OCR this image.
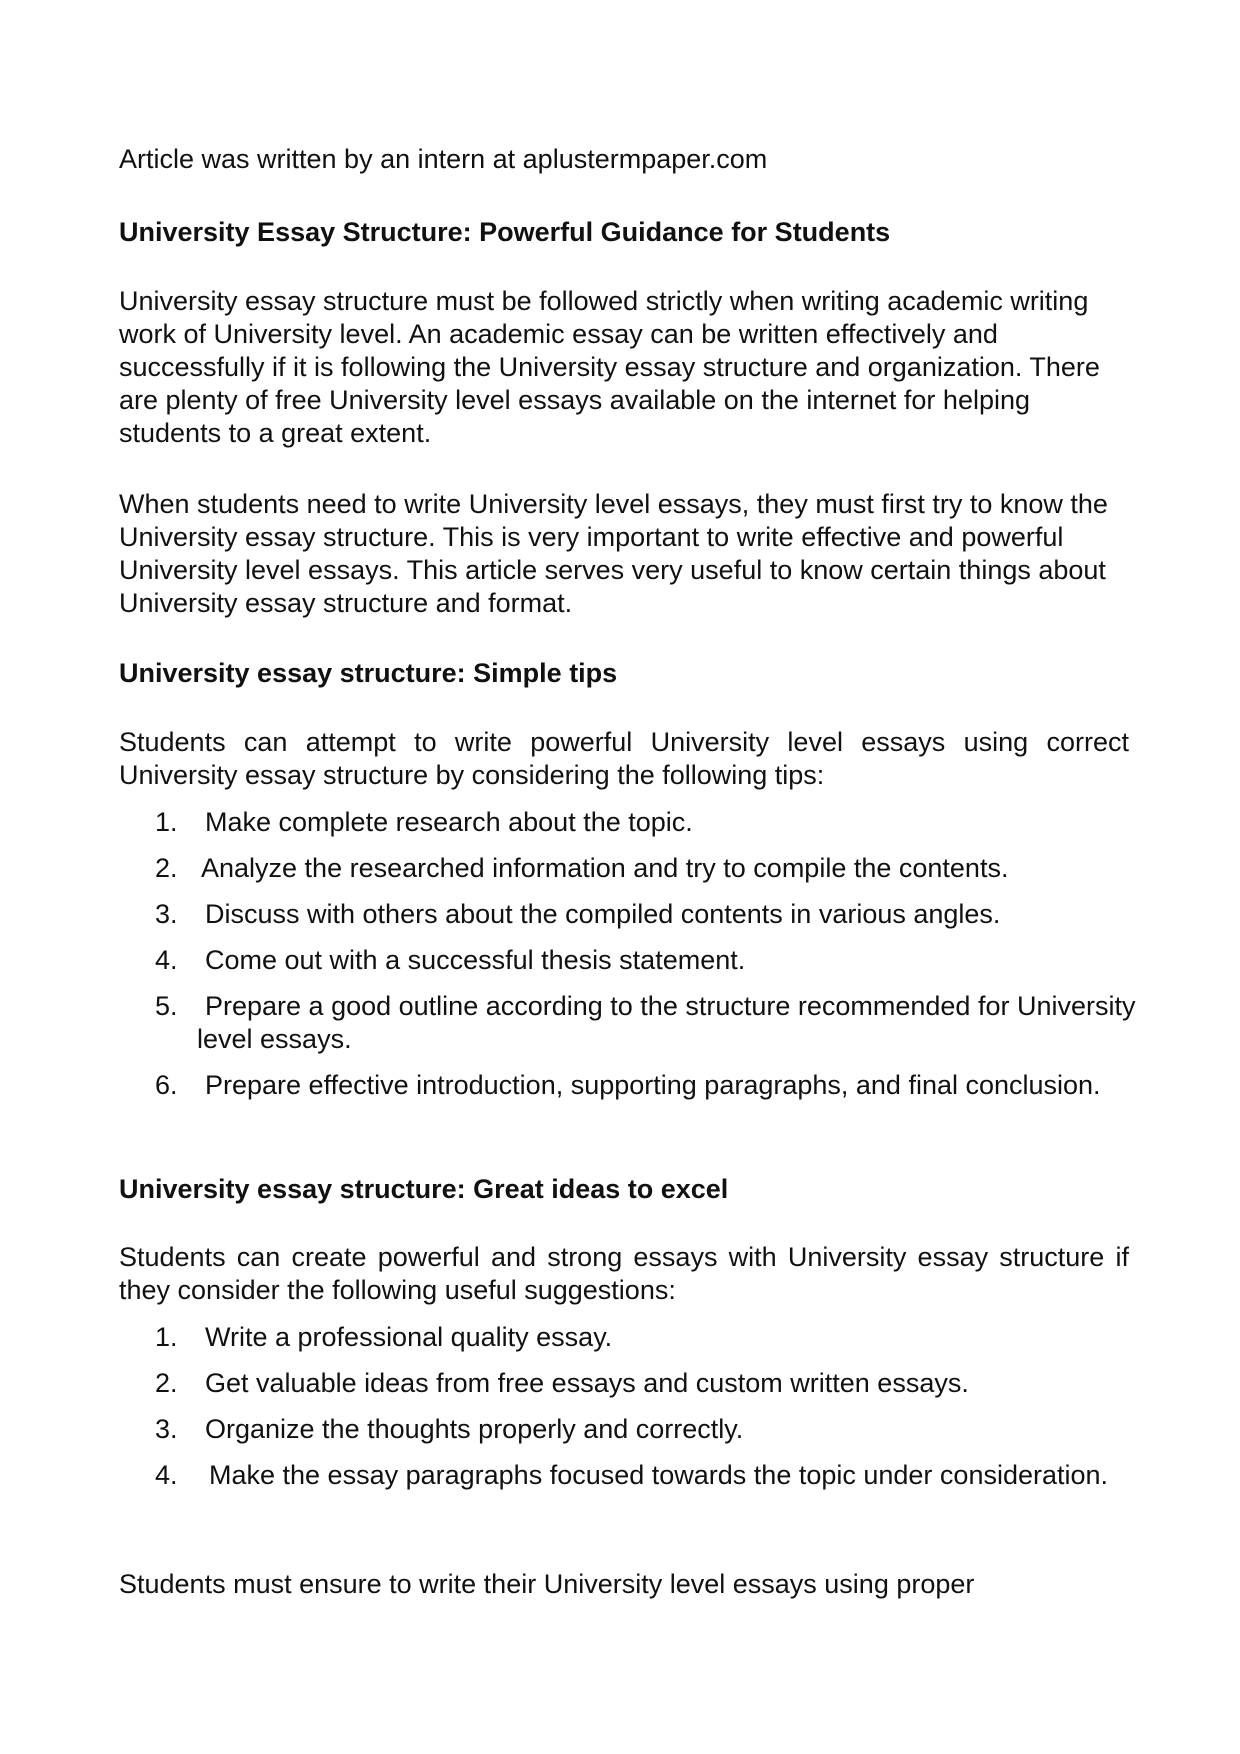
Article was written by an intern at aplustermpaper.com

University Essay Structure: Powerful Guidance for Students

University essay structure must be followed strictly when writing academic writing work of University level. An academic essay can be written effectively and successfully if it is following the University essay structure and organization. There are plenty of free University level essays available on the internet for helping students to a great extent.

When students need to write University level essays, they must first try to know the University essay structure. This is very important to write effective and powerful University level essays. This article serves very useful to know certain things about University essay structure and format.

University essay structure: Simple tips

Students can attempt to write powerful University level essays using correct University essay structure by considering the following tips:

1. Make complete research about the topic.
2. Analyze the researched information and try to compile the contents.
3. Discuss with others about the compiled contents in various angles.
4. Come out with a successful thesis statement.
5.	Prepare a good outline according to the structure recommended for University level essays.
6.	Prepare effective introduction, supporting paragraphs, and final conclusion.
University essay structure: Great ideas to excel

Students can create powerful and strong essays with University essay structure if they consider the following useful suggestions:

1. Write a professional quality essay.
2. Get valuable ideas from free essays and custom written essays.
3. Organize the thoughts properly and correctly.
4.	Make the essay paragraphs focused towards the topic under consideration.

Students must ensure to write their University level essays using proper
